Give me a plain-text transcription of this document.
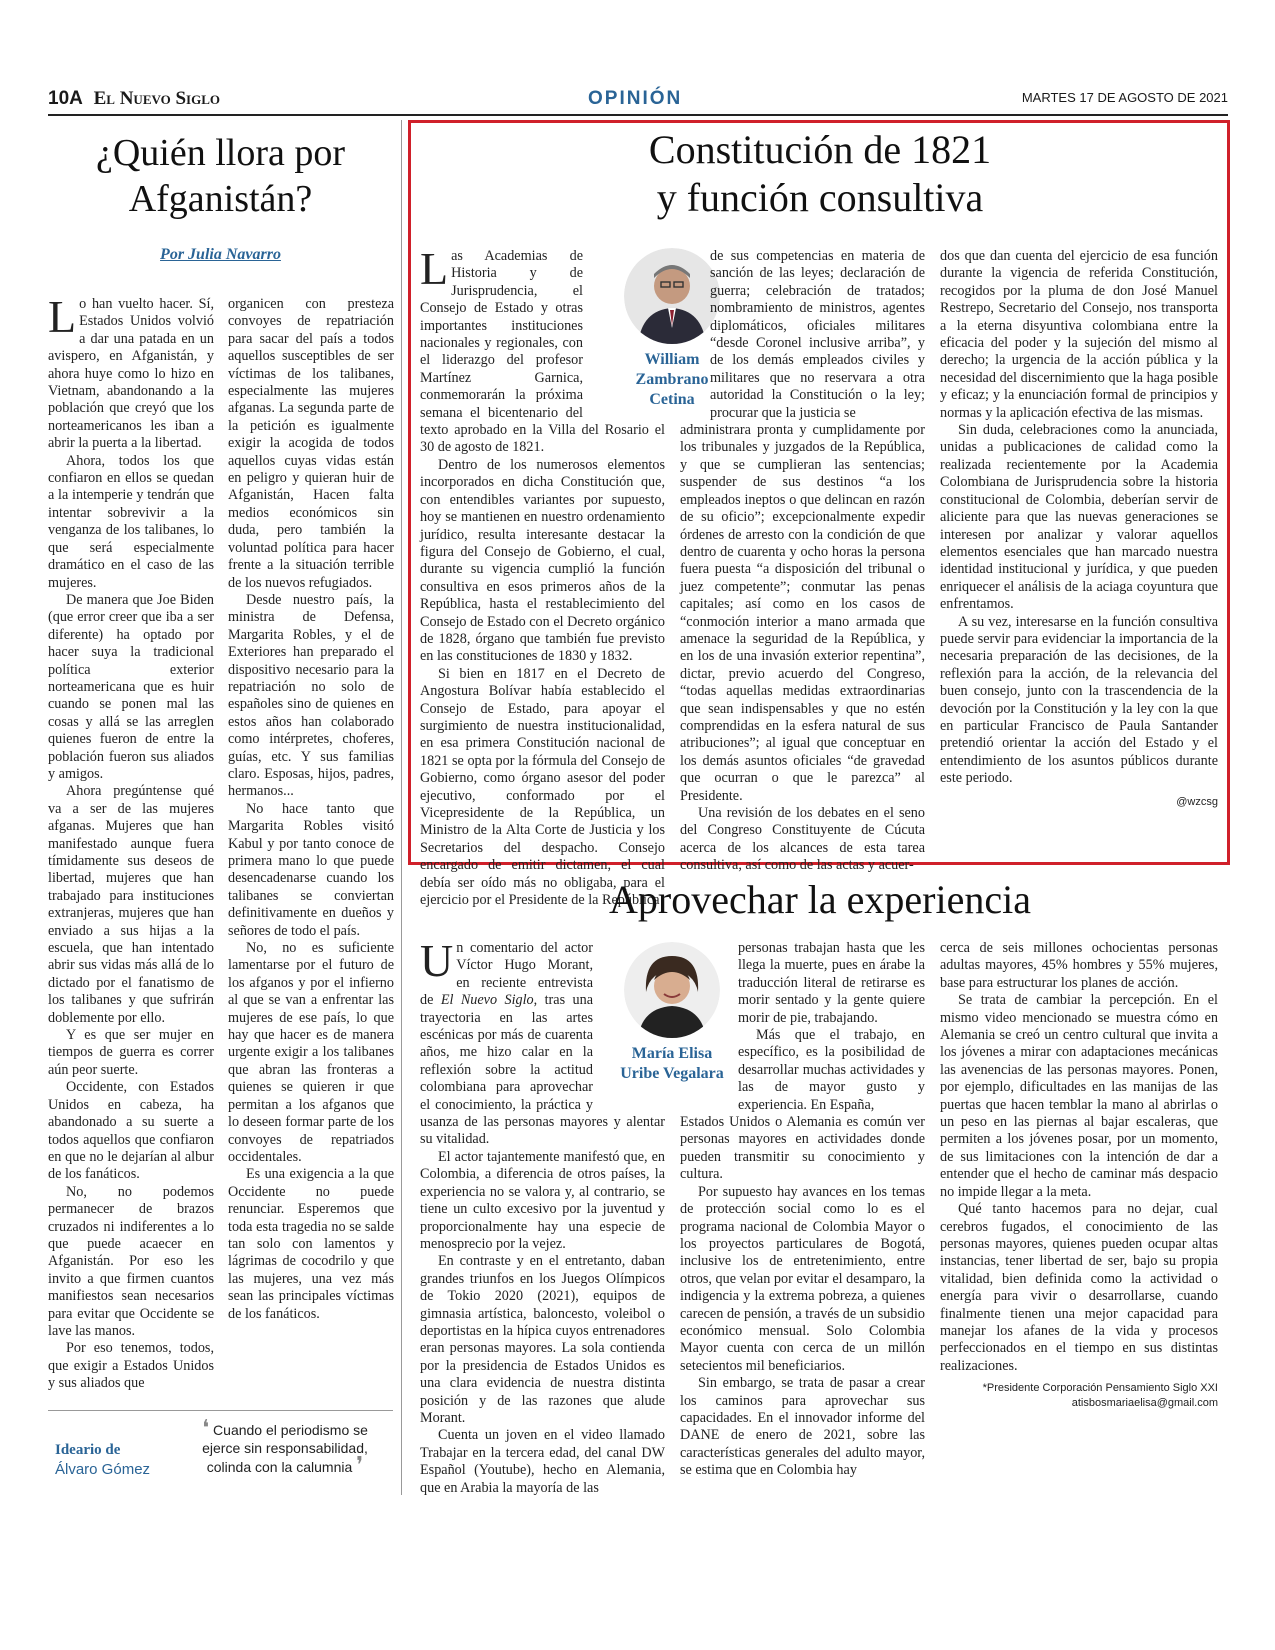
10A El Nuevo Siglo	OPINIÓN	MARTES 17 DE AGOSTO DE 2021
¿Quién llora por Afganistán?
Por Julia Navarro

Lo han vuelto hacer. Sí, Estados Unidos volvió a dar una patada en un avispero, en Afganistán, y ahora huye como lo hizo en Vietnam, abandonando a la población que creyó que los norteamericanos les iban a abrir la puerta a la libertad.

Ahora, todos los que confiaron en ellos se quedan a la intemperie y tendrán que intentar sobrevivir a la venganza de los talibanes, lo que será especialmente dramático en el caso de las mujeres.

De manera que Joe Biden (que error creer que iba a ser diferente) ha optado por hacer suya la tradicional política exterior norteamericana que es huir cuando se ponen mal las cosas y allá se las arreglen quienes fueron de entre la población fueron sus aliados y amigos.

Ahora pregúntense qué va a ser de las mujeres afganas. Mujeres que han manifestado aunque fuera tímidamente sus deseos de libertad, mujeres que han trabajado para instituciones extranjeras, mujeres que han enviado a sus hijas a la escuela, que han intentado abrir sus vidas más allá de lo dictado por el fanatismo de los talibanes y que sufrirán doblemente por ello.

Y es que ser mujer en tiempos de guerra es correr aún peor suerte.

Occidente, con Estados Unidos en cabeza, ha abandonado a su suerte a todos aquellos que confiaron en que no le dejarían al albur de los fanáticos.

No, no podemos permanecer de brazos cruzados ni indiferentes a lo que puede acaecer en Afganistán. Por eso les invito a que firmen cuantos manifiestos sean necesarios para evitar que Occidente se lave las manos.

Por eso tenemos, todos, que exigir a Estados Unidos y sus aliados que

organicen con presteza convoyes de repatriación para sacar del país a todos aquellos susceptibles de ser víctimas de los talibanes, especialmente las mujeres afganas. La segunda parte de la petición es igualmente exigir la acogida de todos aquellos cuyas vidas están en peligro y quieran huir de Afganistán, Hacen falta medios económicos sin duda, pero también la voluntad política para hacer frente a la situación terrible de los nuevos refugiados.

Desde nuestro país, la ministra de Defensa, Margarita Robles, y el de Exteriores han preparado el dispositivo necesario para la repatriación no solo de españoles sino de quienes en estos años han colaborado como intérpretes, choferes, guías, etc. Y sus familias claro. Esposas, hijos, padres, hermanos...

No hace tanto que Margarita Robles visitó Kabul y por tanto conoce de primera mano lo que puede desencadenarse cuando los talibanes se conviertan definitivamente en dueños y señores de todo el país.

No, no es suficiente lamentarse por el futuro de los afganos y por el infierno al que se van a enfrentar las mujeres de ese país, lo que hay que hacer es de manera urgente exigir a los talibanes que abran las fronteras a quienes se quieren ir que permitan a los afganos que lo deseen formar parte de los convoyes de repatriados occidentales.

Es una exigencia a la que Occidente no puede renunciar. Esperemos que toda esta tragedia no se salde tan solo con lamentos y lágrimas de cocodrilo y que las mujeres, una vez más sean las principales víctimas de los fanáticos.

Ideario de
Álvaro Gómez
❛ Cuando el periodismo se ejerce sin responsabilidad, colinda con la calumnia ❜
Constitución de 1821
y función consultiva
William
Zambrano
Cetina

Las Academias de Historia y de Jurisprudencia, el Consejo de Estado y otras importantes instituciones nacionales y regionales, con el liderazgo del profesor Martínez Garnica, conmemorarán la próxima semana el bicentenario del texto aprobado en la Villa del Rosario el 30 de agosto de 1821.

Dentro de los numerosos elementos incorporados en dicha Constitución que, con entendibles variantes por supuesto, hoy se mantienen en nuestro ordenamiento jurídico, resulta interesante destacar la figura del Consejo de Gobierno, el cual, durante su vigencia cumplió la función consultiva en esos primeros años de la República, hasta el restablecimiento del Consejo de Estado con el Decreto orgánico de 1828, órgano que también fue previsto en las constituciones de 1830 y 1832.

Si bien en 1817 en el Decreto de Angostura Bolívar había establecido el Consejo de Estado, para apoyar el surgimiento de nuestra institucionalidad, en esa primera Constitución nacional de 1821 se opta por la fórmula del Consejo de Gobierno, como órgano asesor del poder ejecutivo, conformado por el Vicepresidente de la República, un Ministro de la Alta Corte de Justicia y los Secretarios del despacho. Consejo encargado de emitir dictamen, el cual debía ser oído más no obligaba, para el ejercicio por el Presidente de la República

de sus competencias en materia de sanción de las leyes; declaración de guerra; celebración de tratados; nombramiento de ministros, agentes diplomáticos, oficiales militares “desde Coronel inclusive arriba”, y de los demás empleados civiles y militares que no reservara a otra autoridad la Constitución o la ley; procurar que la justicia se

administrara pronta y cumplidamente por los tribunales y juzgados de la República, y que se cumplieran las sentencias; suspender de sus destinos “a los empleados ineptos o que delincan en razón de su oficio”; excepcionalmente expedir órdenes de arresto con la condición de que dentro de cuarenta y ocho horas la persona fuera puesta “a disposición del tribunal o juez competente”; conmutar las penas capitales; así como en los casos de “conmoción interior a mano armada que amenace la seguridad de la República, y en los de una invasión exterior repentina”, dictar, previo acuerdo del Congreso, “todas aquellas medidas extraordinarias que sean indispensables y que no estén comprendidas en la esfera natural de sus atribuciones”; al igual que conceptuar en los demás asuntos oficiales “de gravedad que ocurran o que le parezca” al Presidente.

Una revisión de los debates en el seno del Congreso Constituyente de Cúcuta acerca de los alcances de esta tarea consultiva, así como de las actas y acuer-

dos que dan cuenta del ejercicio de esa función durante la vigencia de referida Constitución, recogidos por la pluma de don José Manuel Restrepo, Secretario del Consejo, nos transporta a la eterna disyuntiva colombiana entre la eficacia del poder y la sujeción del mismo al derecho; la urgencia de la acción pública y la necesidad del discernimiento que la haga posible y eficaz; y la enunciación formal de principios y normas y la aplicación efectiva de las mismas.

Sin duda, celebraciones como la anunciada, unidas a publicaciones de calidad como la realizada recientemente por la Academia Colombiana de Jurisprudencia sobre la historia constitucional de Colombia, deberían servir de aliciente para que las nuevas generaciones se interesen por analizar y valorar aquellos elementos esenciales que han marcado nuestra identidad institucional y jurídica, y que pueden enriquecer el análisis de la aciaga coyuntura que enfrentamos.

A su vez, interesarse en la función consultiva puede servir para evidenciar la importancia de la necesaria preparación de las decisiones, de la reflexión para la acción, de la relevancia del buen consejo, junto con la trascendencia de la devoción por la Constitución y la ley con la que en particular Francisco de Paula Santander pretendió orientar la acción del Estado y el entendimiento de los asuntos públicos durante este periodo.

@wzcsg
Aprovechar la experiencia
María Elisa
Uribe Vegalara

Un comentario del actor Víctor Hugo Morant, en reciente entrevista de El Nuevo Siglo, tras una trayectoria en las artes escénicas por más de cuarenta años, me hizo calar en la reflexión sobre la actitud colombiana para aprovechar el conocimiento, la práctica y usanza de las personas mayores y alentar su vitalidad.

El actor tajantemente manifestó que, en Colombia, a diferencia de otros países, la experiencia no se valora y, al contrario, se tiene un culto excesivo por la juventud y proporcionalmente hay una especie de menosprecio por la vejez.

En contraste y en el entretanto, daban grandes triunfos en los Juegos Olímpicos de Tokio 2020 (2021), equipos de gimnasia artística, baloncesto, voleibol o deportistas en la hípica cuyos entrenadores eran personas mayores. La sola contienda por la presidencia de Estados Unidos es una clara evidencia de nuestra distinta posición y de las razones que alude Morant.

Cuenta un joven en el video llamado Trabajar en la tercera edad, del canal DW Español (Youtube), hecho en Alemania, que en Arabia la mayoría de las

personas trabajan hasta que les llega la muerte, pues en árabe la traducción literal de retirarse es morir sentado y la gente quiere morir de pie, trabajando.

Más que el trabajo, en específico, es la posibilidad de desarrollar muchas actividades y las de mayor gusto y experiencia. En España,

Estados Unidos o Alemania es común ver personas mayores en actividades donde pueden transmitir su conocimiento y cultura.

Por supuesto hay avances en los temas de protección social como lo es el programa nacional de Colombia Mayor o los proyectos particulares de Bogotá, inclusive los de entretenimiento, entre otros, que velan por evitar el desamparo, la indigencia y la extrema pobreza, a quienes carecen de pensión, a través de un subsidio económico mensual. Solo Colombia Mayor cuenta con cerca de un millón setecientos mil beneficiarios.

Sin embargo, se trata de pasar a crear los caminos para aprovechar sus capacidades. En el innovador informe del DANE de enero de 2021, sobre las características generales del adulto mayor, se estima que en Colombia hay

cerca de seis millones ochocientas personas adultas mayores, 45% hombres y 55% mujeres, base para estructurar los planes de acción.

Se trata de cambiar la percepción. En el mismo video mencionado se muestra cómo en Alemania se creó un centro cultural que invita a los jóvenes a mirar con adaptaciones mecánicas las avenencias de las personas mayores. Ponen, por ejemplo, dificultades en las manijas de las puertas que hacen temblar la mano al abrirlas o un peso en las piernas al bajar escaleras, que permiten a los jóvenes posar, por un momento, de sus limitaciones con la intención de dar a entender que el hecho de caminar más despacio no impide llegar a la meta.

Qué tanto hacemos para no dejar, cual cerebros fugados, el conocimiento de las personas mayores, quienes pueden ocupar altas instancias, tener libertad de ser, bajo su propia vitalidad, bien definida como la actividad o energía para vivir o desarrollarse, cuando finalmente tienen una mejor capacidad para manejar los afanes de la vida y procesos perfeccionados en el tiempo en sus distintas realizaciones.

*Presidente Corporación Pensamiento Siglo XXI
atisbosmariaelisa@gmail.com
